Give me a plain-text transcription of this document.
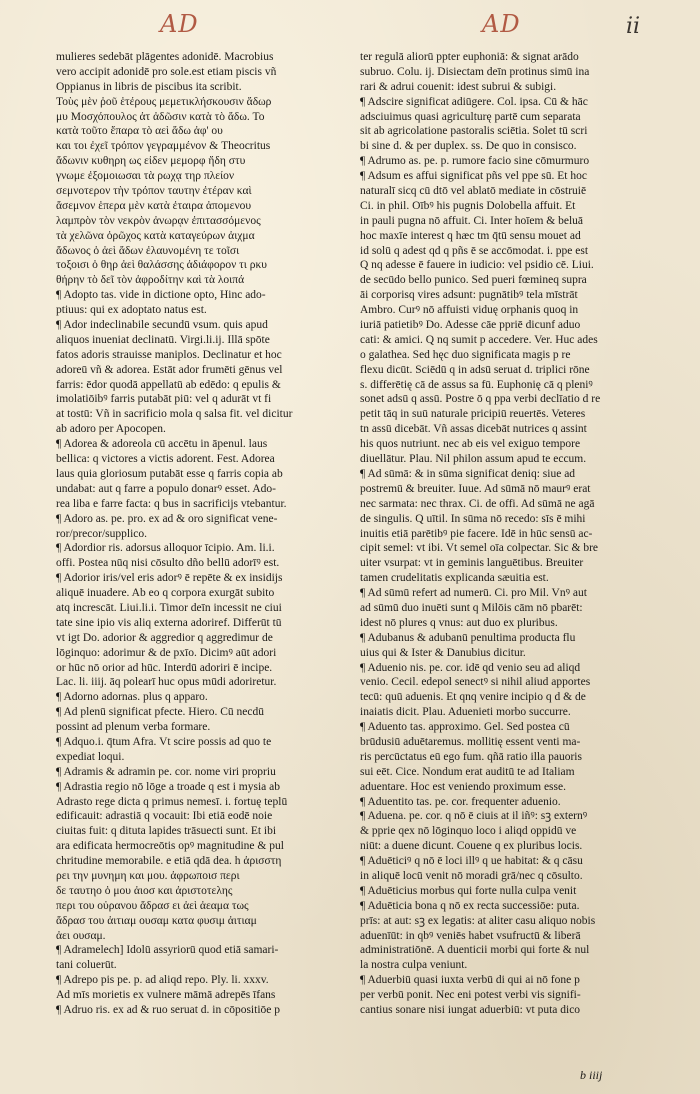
AD	AD	ii
mulieres sedebāt plāgentes adonidē. Macrobius
vero accipit adonidē pro sole.est etiam piscis vñ
Oppianus in libris de piscibus ita scribit.
Τοὺς μὲν ῥοῦ ἑτέρους μεμετικλήσκουσιν ἄδωρ
μυ Μοσχόπουλος ἀτ ἀδῶσιν κατὰ τὸ ἄδω. Το
κατὰ τοῦτο ἔπαρα τὸ αεὶ ἄδω ἀφ' ου
και τοι ἐχεῖ τρόπον γεγραμμένον & Theocritus
ἄδωνιν κυθηρη ως εἰδεν μεμορφ ἥδη στυ
γνωμε ἐξομοιωσαι τὰ ρωχᾳ τηρ πλείον
σεμνοτερον τὴν τρόπον ταυτην ἐτέραν καὶ
ἄσεμνον ἑπερα μὲν κατὰ ἐταιρα ἀπομενου
λαμπρὸν τὸν νεκρὸν ἀνωρᾳν ἐπιτασσόμενος
τὰ χελῶνα ὀρῶχος κατὰ καταγεύρων ἀιχμα
ἄδωνος ὁ ἀεὶ ἄδων ἐλαυνομένη τε τοῖσι
τοξοισι ὁ θηρ ἀεὶ θαλάσσης ἀδιάφορον τι ρκυ
θήρην τὸ δεῖ τὸν ἀφροδίτην καὶ τὰ λοιπά
¶ Adopto tas. vide in dictione opto, Hinc ado-
ptiuus: qui ex adoptato natus est.
¶ Ador indeclinabile secundū vsum. quis apud
aliquos inueniat declinatū. Virgi.li.ij. Illā spōte
fatos adoris strauisse maniplos. Declinatur et hoc
adoreū vñ & adorea. Estāt ador frumēti gēnus vel
farris: ēdor quodā appellatū ab edēdo: q epulis &
imolatiōibꝰ farris putabāt piū: vel q adurāt vt fi
at tostū: Vñ in sacrificio mola q salsa fit. vel dicitur
ab adoro per Apocopen.
¶ Adorea & adoreola cū accētu in āpenul. laus
bellica: q victores a victis adorent. Fest. Adorea
laus quia gloriosum putabāt esse q farris copia ab
undabat: aut q farre a populo donarꝰ esset. Ado-
rea liba e farre facta: q bus in sacrificijs vtebantur.
¶ Adoro as. pe. pro. ex ad & oro significat vene-
ror/precor/supplico.
¶ Adordior ris. adorsus alloquor īcipio. Am. li.i.
offi. Postea nūq nisi cōsulto dño bellū adorīꝰ est.
¶ Adorior iris/vel eris adorꝰ ē repēte & ex insidijs
aliquē inuadere. Ab eo q corpora exurgāt subito
atq increscāt. Liui.li.i. Timor deīn incessit ne ciui
tate sine ipio vis aliq externa adoriref. Differūt tū
vt igt Do. adorior & aggredior q aggredimur de
lōginquo: adorimur & de pxīo. Dicimꝰ aūt adori
or hūc nō orior ad hūc. Interdū adoriri ē incipe.
Lac. li. iiij. āq polearī huc opus mūdi adoriretur.
¶ Adorno adornas. plus q apparo.
¶ Ad plenū significat pfecte. Hiero. Cū necdū
possint ad plenum verba formare.
¶ Adquo.i. q̄tum Afra. Vt scire possis ad quo te
expediat loqui.
¶ Adramis & adramin pe. cor. nome viri propriu
¶ Adrastia regio nō lōge a troade q est i mysia ab
Adrasto rege dicta q primus nemesī. i. fortuę teplū
edificauit: adrastiā q vocauit: Ibi etiā eodē noie
ciuitas fuit: q dituta lapides trāsuecti sunt. Et ibi
ara edificata hermocreōtis opꝰ magnitudine & pul
chritudine memorabile. e etiā qdā dea. h ἀρισστη
ρει την μυνημη και μου. ἀφρωποισ περι
δε ταυτηο ὁ μου ἀιοσ και ἀριστοτελης
περι του οὐρανου ἄδρασ ει ἀεὶ ἀεαμα τως
ἄδρασ του ἀιτιαμ ουσαμ κατα φυσιμ ἀιτιαμ
ἀει ουσαμ.
¶ Adramelech] Idolū assyriorū quod etiā samari-
tani coluerūt.
¶ Adrepo pis pe. p. ad aliqd repo. Ply. li. xxxv.
Ad mīs morietis ex vulnere māmā adrepēs īfans
¶ Adruo ris. ex ad & ruo seruat d. in cōpositiōe p
ter regulā aliorū ppter euphoniā: & signat arādo
subruo. Colu. ij. Disiectam deīn protinus simū ina
rari & adrui couenit: idest subrui & subigi.
¶ Adscire significat adiūgere. Col. ipsa. Cū & hāc
adsciuimus quasi agriculturę partē cum separata
sit ab agricolatione pastoralis sciētia. Solet tū scri
bi sine d. & per duplex. ss. De quo in consisco.
¶ Adrumo as. pe. p. rumore facio sine cōmurmuro
¶ Adsum es affui significat pñs vel ppe sū. Et hoc
naturalī sicq cū dtō vel ablatō mediate in cōstruiē
Ci. in phil. Oībꝰ his pugnis Dolobella affuit. Et
in pauli pugna nō affuit. Ci. Inter hoīem & beluā
hoc maxīe interest q hæc tm q̄tū sensu mouet ad
id solū q adest qd q pñs ē se accōmodat. i. ppe est
Q nq adesse ē fauere in iudicio: vel psidio cē. Liui.
de secūdo bello punico. Sed pueri fœmineq supra
āi corporisq vires adsunt: pugnātibꝰ tela mīstrāt
Ambro. Curꝰ nō affuisti viduę orphanis quoq in
iuriā patietibꝰ Do. Adesse cāe ppriē dicunf aduo
cati: & amici. Q nq sumit p accedere. Ver. Huc ades
o galathea. Sed hęc duo significata magis p re
flexu dicūt. Sciēdū q in adsū seruat d. triplici rōne
s. differētię cā de assus sa fū. Euphonię cā q pleniꝰ
sonet adsū q assū. Postre ō q ppa verbi declīatio d re
petit tāq in suū naturale pricipiū reuertēs. Veteres
tn assū dicebāt. Vñ assas dicebāt nutrices q assint
his quos nutriunt. nec ab eis vel exiguo tempore
diuellātur. Plau. Nil philon assum apud te eccum.
¶ Ad sūmā: & in sūma significat deniq: siue ad
postremū & breuiter. Iuue. Ad sūmā nō maurꝰ erat
nec sarmata: nec thrax. Ci. de offi. Ad sūmā ne agā
de singulis. Q uītil. In sūma nō recedo: sīs ē mihi
inuitis etiā parētibꝰ pie facere. Idē in hūc sensū ac-
cipit semel: vt ibi. Vt semel oīa colpectar. Sic & bre
uiter vsurpat: vt in geminis languētibus. Breuiter
tamen crudelitatis explicanda sæuitia est.
¶ Ad sūmū refert ad numerū. Ci. pro Mil. Vnꝰ aut
ad sūmū duo inuēti sunt q Milōis cām nō pbarēt:
idest nō plures q vnus: aut duo ex pluribus.
¶ Adubanus & adubanū penultima producta flu
uius qui & Ister & Danubius dicitur.
¶ Aduenio nis. pe. cor. idē qd venio seu ad aliqd
venio. Cecil. edepol senectꝰ si nihil aliud apportes
tecū: quū aduenis. Et qnq venire incipio q d & de
inaiatis dicit. Plau. Aduenieti morbo succurre.
¶ Aduento tas. approximo. Gel. Sed postea cū
brūdusiū aduētaremus. mollitię essent venti ma-
ris percūctatus eū ego fum. qñā ratio illa pauoris
sui eēt. Cice. Nondum erat auditū te ad Italiam
aduentare. Hoc est veniendo proximum esse.
¶ Aduentito tas. pe. cor. frequenter aduenio.
¶ Aduena. pe. cor. q nō ē ciuis at il iñꝰ: sꝫ externꝰ
& pprie qex nō lōginquo loco i aliqd oppidū ve
niūt: a duene dicunt. Couene q ex pluribus locis.
¶ Aduēticiꝰ q nō ē loci illꝰ q ue habitat: & q cāsu
in aliquē locū venit nō moradi grā/nec q cōsulto.
¶ Aduēticius morbus qui forte nulla culpa venit
¶ Aduēticia bona q nō ex recta successiōe: puta.
prīs: at aut: sꝫ ex legatis: at aliter casu aliquo nobis
aduenīūt: in qbꝰ veniēs habet vsufructū & liberā
administratiōnē. A duenticii morbi qui forte & nul
la nostra culpa veniunt.
¶ Aduerbiū quasi iuxta verbū di qui ai nō fone p
per verbū ponit. Nec eni potest verbi vis signifi-
cantius sonare nisi iungat aduerbiū: vt puta dico
b iiij
